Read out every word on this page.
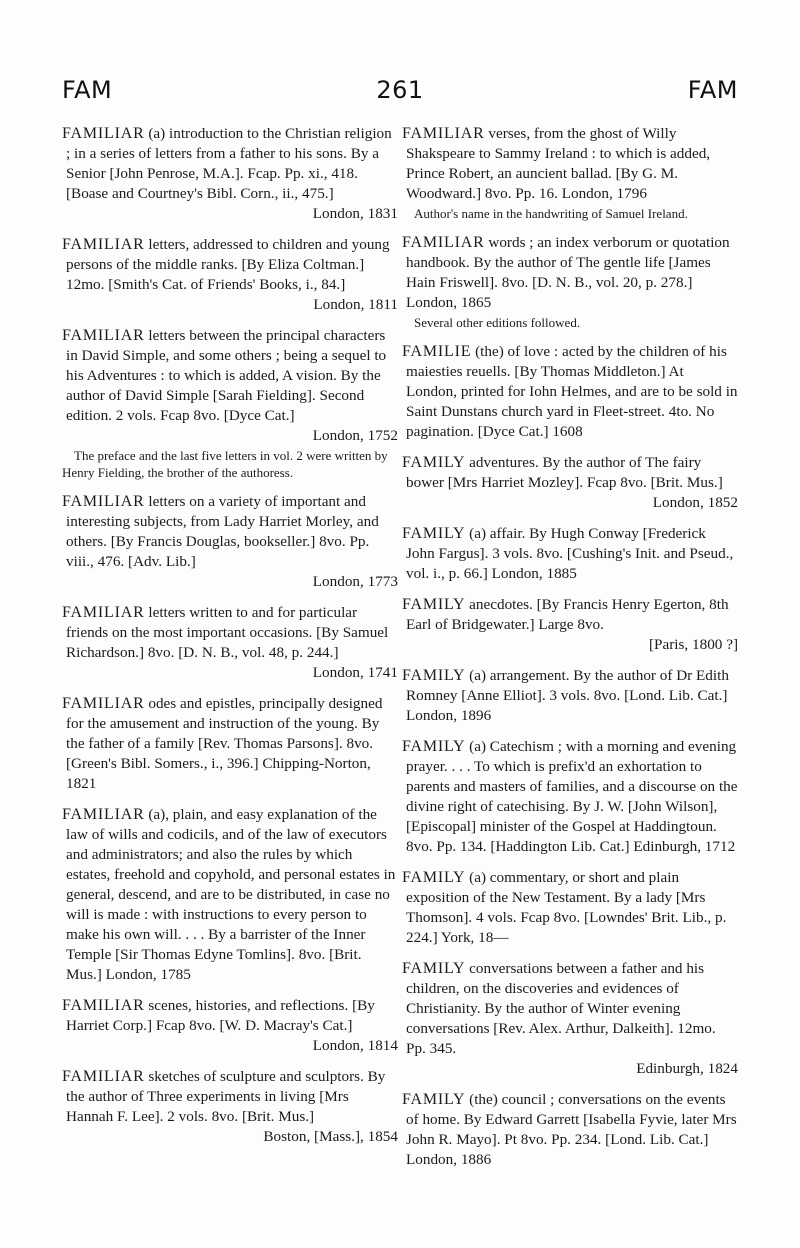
FAM	261	FAM

FAMILIAR (a) introduction to the Christian religion ; in a series of letters from a father to his sons. By a Senior [John Penrose, M.A.]. Fcap. Pp. xi., 418. [Boase and Courtney's Bibl. Corn., ii., 475.]

London, 1831

FAMILIAR letters, addressed to children and young persons of the middle ranks. [By Eliza Coltman.] 12mo. [Smith's Cat. of Friends' Books, i., 84.]

London, 1811

FAMILIAR letters between the principal characters in David Simple, and some others ; being a sequel to his Adventures : to which is added, A vision. By the author of David Simple [Sarah Fielding]. Second edition. 2 vols. Fcap 8vo. [Dyce Cat.]

London, 1752
The preface and the last five letters in vol. 2 were written by Henry Fielding, the brother of the authoress.

FAMILIAR letters on a variety of important and interesting subjects, from Lady Harriet Morley, and others. [By Francis Douglas, bookseller.] 8vo. Pp. viii., 476. [Adv. Lib.]

London, 1773

FAMILIAR letters written to and for particular friends on the most important occasions. [By Samuel Richardson.] 8vo. [D. N. B., vol. 48, p. 244.]

London, 1741

FAMILIAR odes and epistles, principally designed for the amusement and instruction of the young. By the father of a family [Rev. Thomas Parsons]. 8vo. [Green's Bibl. Somers., i., 396.] Chipping-Norton, 1821

FAMILIAR (a), plain, and easy explanation of the law of wills and codicils, and of the law of executors and administrators; and also the rules by which estates, freehold and copyhold, and personal estates in general, descend, and are to be distributed, in case no will is made : with instructions to every person to make his own will. . . . By a barrister of the Inner Temple [Sir Thomas Edyne Tomlins]. 8vo. [Brit. Mus.] London, 1785

FAMILIAR scenes, histories, and reflections. [By Harriet Corp.] Fcap 8vo. [W. D. Macray's Cat.]

London, 1814

FAMILIAR sketches of sculpture and sculptors. By the author of Three experiments in living [Mrs Hannah F. Lee]. 2 vols. 8vo. [Brit. Mus.]

Boston, [Mass.], 1854

FAMILIAR verses, from the ghost of Willy Shakspeare to Sammy Ireland : to which is added, Prince Robert, an auncient ballad. [By G. M. Woodward.] 8vo. Pp. 16. London, 1796

Author's name in the handwriting of Samuel Ireland.

FAMILIAR words ; an index verborum or quotation handbook. By the author of The gentle life [James Hain Friswell]. 8vo. [D. N. B., vol. 20, p. 278.] London, 1865

Several other editions followed.

FAMILIE (the) of love : acted by the children of his maiesties reuells. [By Thomas Middleton.] At London, printed for Iohn Helmes, and are to be sold in Saint Dunstans church yard in Fleet-street. 4to. No pagination. [Dyce Cat.] 1608

FAMILY adventures. By the author of The fairy bower [Mrs Harriet Mozley]. Fcap 8vo. [Brit. Mus.]

London, 1852

FAMILY (a) affair. By Hugh Conway [Frederick John Fargus]. 3 vols. 8vo. [Cushing's Init. and Pseud., vol. i., p. 66.] London, 1885

FAMILY anecdotes. [By Francis Henry Egerton, 8th Earl of Bridgewater.] Large 8vo.

[Paris, 1800 ?]

FAMILY (a) arrangement. By the author of Dr Edith Romney [Anne Elliot]. 3 vols. 8vo. [Lond. Lib. Cat.] London, 1896

FAMILY (a) Catechism ; with a morning and evening prayer. . . . To which is prefix'd an exhortation to parents and masters of families, and a discourse on the divine right of catechising. By J. W. [John Wilson], [Episcopal] minister of the Gospel at Haddingtoun. 8vo. Pp. 134. [Haddington Lib. Cat.] Edinburgh, 1712

FAMILY (a) commentary, or short and plain exposition of the New Testament. By a lady [Mrs Thomson]. 4 vols. Fcap 8vo. [Lowndes' Brit. Lib., p. 224.] York, 18—

FAMILY conversations between a father and his children, on the discoveries and evidences of Christianity. By the author of Winter evening conversations [Rev. Alex. Arthur, Dalkeith]. 12mo. Pp. 345.

Edinburgh, 1824

FAMILY (the) council ; conversations on the events of home. By Edward Garrett [Isabella Fyvie, later Mrs John R. Mayo]. Pt 8vo. Pp. 234. [Lond. Lib. Cat.] London, 1886
